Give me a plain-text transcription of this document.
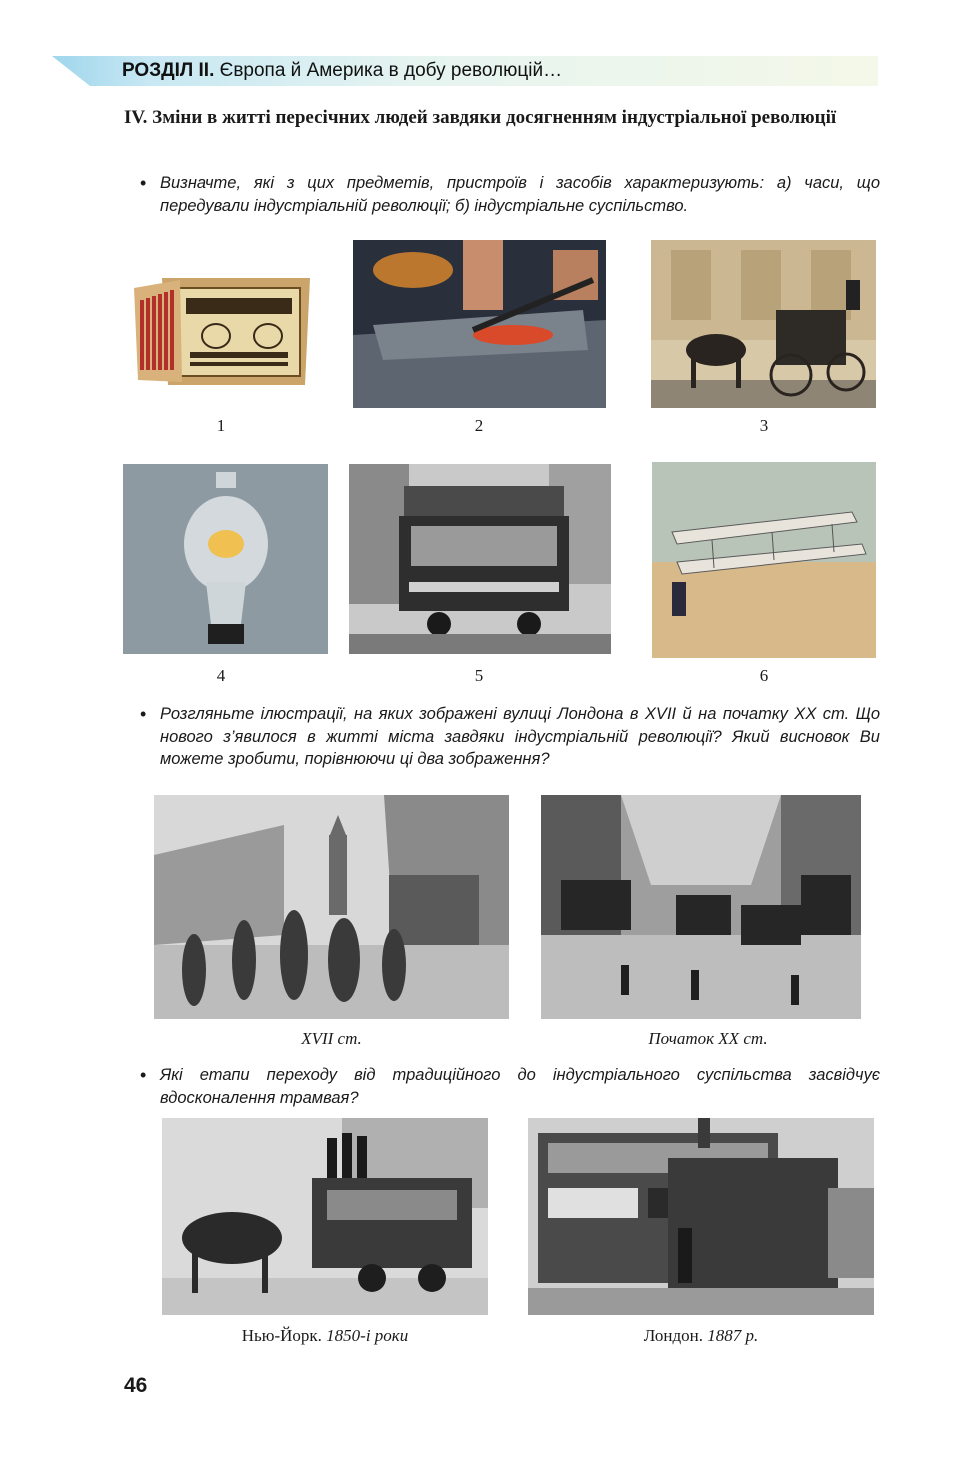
РОЗДІЛ II. Європа й Америка в добу революцій…
IV. Зміни в житті пересічних людей завдяки досягненням індустріальної революції
• Визначте, які з цих предметів, пристроїв і засобів характеризують: а) часи, що передували індустріальній революції; б) індустріальне суспільство.
1	2	3
4	5	6
• Розгляньте ілюстрації, на яких зображені вулиці Лондона в XVII й на початку ХХ ст. Що нового з’явилося в житті міста завдяки індустріальній революції? Який висновок Ви можете зробити, порівнюючи ці два зображення?
XVII ст.	Початок ХХ ст.
• Які етапи переходу від традиційного до індустріального суспільства засвідчує вдосконалення трамвая?
Нью-Йорк. 1850-і роки	Лондон. 1887 р.
46
